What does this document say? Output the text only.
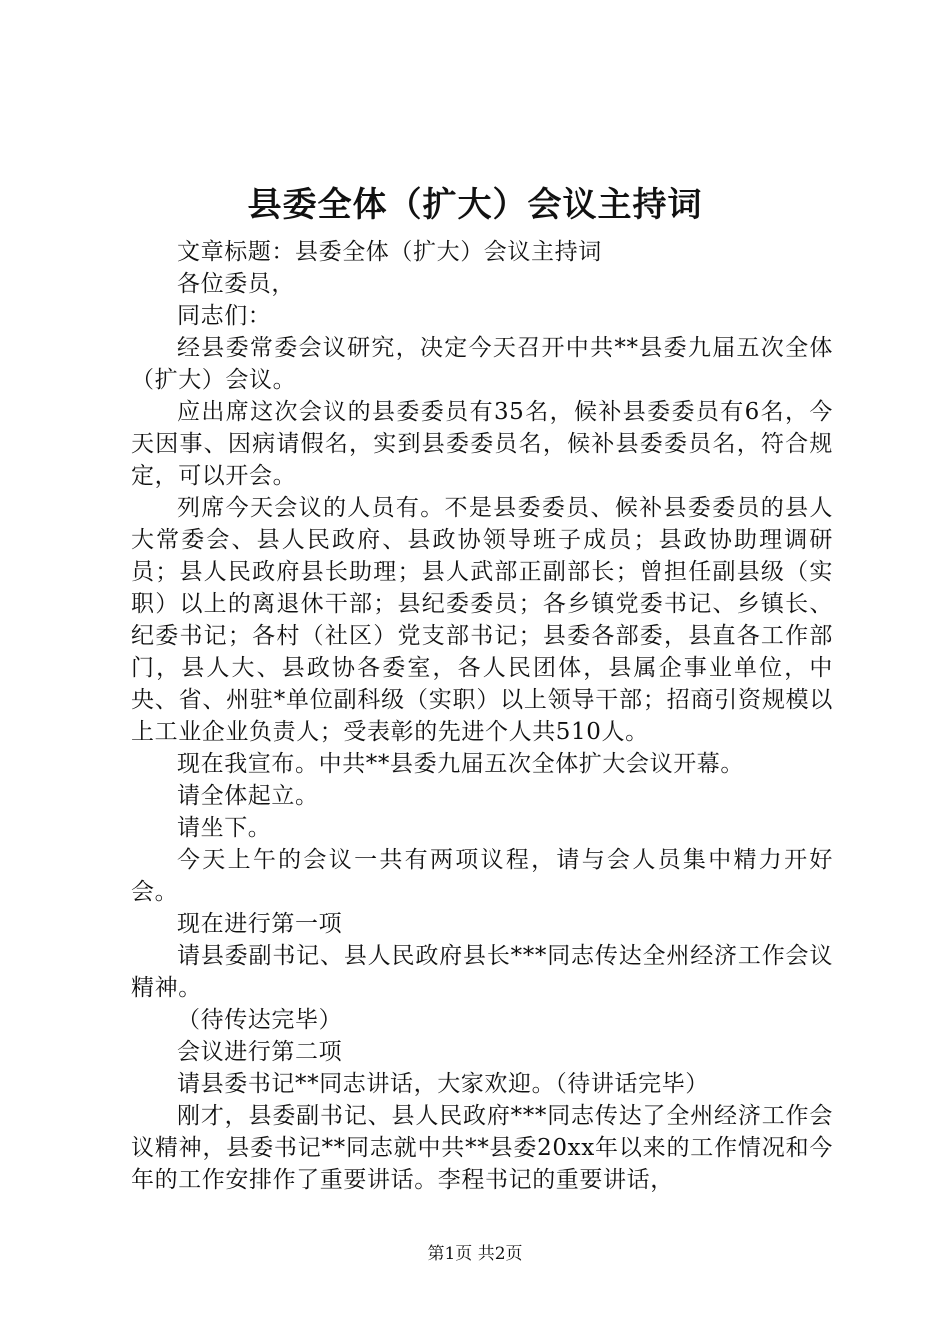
县委全体（扩大）会议主持词

文章标题：县委全体（扩大）会议主持词

各位委员，

同志们：

经县委常委会议研究，决定今天召开中共**县委九届五次全体（扩大）会议。

应出席这次会议的县委委员有35名，候补县委委员有6名，今天因事、因病请假名，实到县委委员名，候补县委委员名，符合规定，可以开会。

列席今天会议的人员有。不是县委委员、候补县委委员的县人大常委会、县人民政府、县政协领导班子成员；县政协助理调研员；县人民政府县长助理；县人武部正副部长；曾担任副县级（实职）以上的离退休干部；县纪委委员；各乡镇党委书记、乡镇长、纪委书记；各村（社区）党支部书记；县委各部委，县直各工作部门，县人大、县政协各委室，各人民团体，县属企事业单位，中央、省、州驻*单位副科级（实职）以上领导干部；招商引资规模以上工业企业负责人；受表彰的先进个人共510人。

现在我宣布。中共**县委九届五次全体扩大会议开幕。

请全体起立。

请坐下。

今天上午的会议一共有两项议程，请与会人员集中精力开好会。

现在进行第一项

请县委副书记、县人民政府县长***同志传达全州经济工作会议精神。

（待传达完毕）

会议进行第二项

请县委书记**同志讲话，大家欢迎。（待讲话完毕）

刚才，县委副书记、县人民政府***同志传达了全州经济工作会议精神，县委书记**同志就中共**县委20xx年以来的工作情况和今年的工作安排作了重要讲话。李程书记的重要讲话，

第1页 共2页
